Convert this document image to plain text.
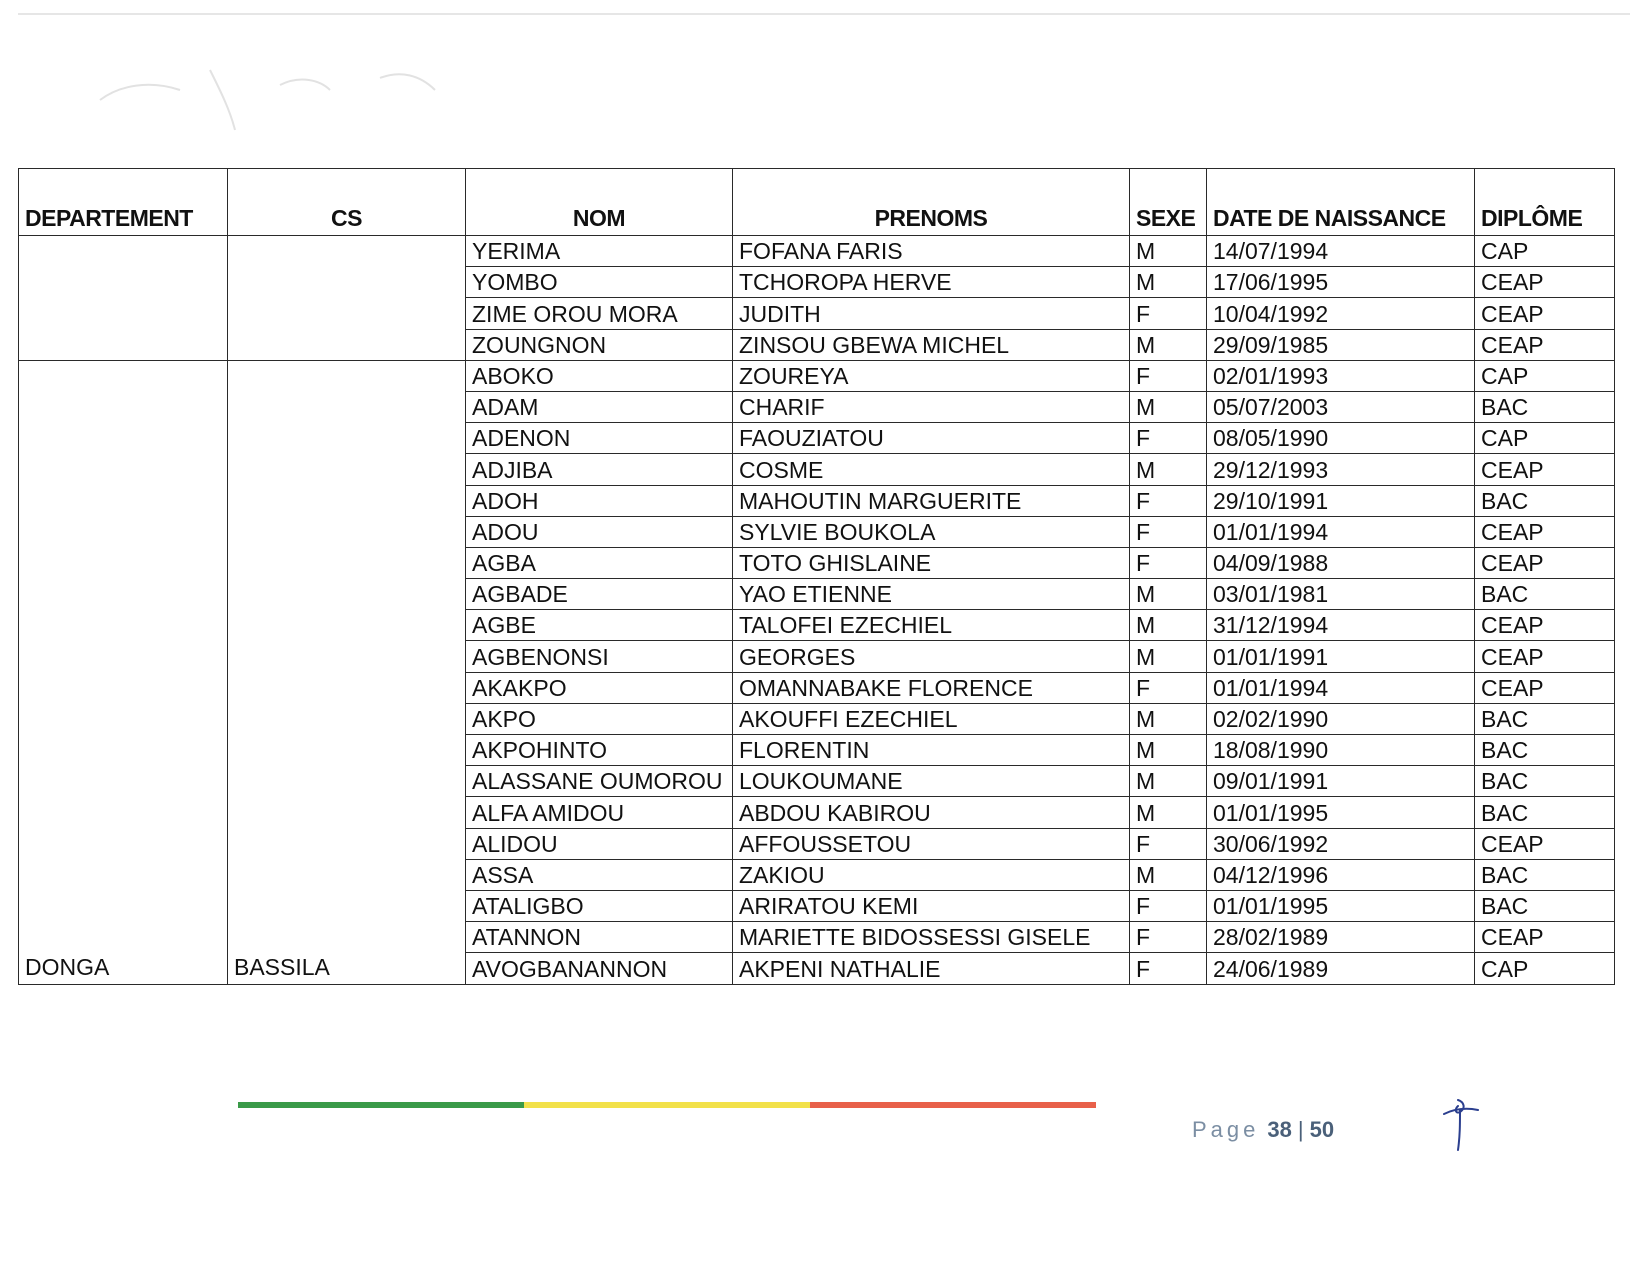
DEPARTEMENT	CS	NOM	PRENOMS	SEXE	DATE DE NAISSANCE	DIPLÔME
		YERIMA	FOFANA FARIS	M	14/07/1994	CAP
		YOMBO	TCHOROPA HERVE	M	17/06/1995	CEAP
		ZIME OROU MORA	JUDITH	F	10/04/1992	CEAP
		ZOUNGNON	ZINSOU GBEWA MICHEL	M	29/09/1985	CEAP
DONGA	BASSILA	ABOKO	ZOUREYA	F	02/01/1993	CAP
		ADAM	CHARIF	M	05/07/2003	BAC
		ADENON	FAOUZIATOU	F	08/05/1990	CAP
		ADJIBA	COSME	M	29/12/1993	CEAP
		ADOH	MAHOUTIN MARGUERITE	F	29/10/1991	BAC
		ADOU	SYLVIE BOUKOLA	F	01/01/1994	CEAP
		AGBA	TOTO GHISLAINE	F	04/09/1988	CEAP
		AGBADE	YAO ETIENNE	M	03/01/1981	BAC
		AGBE	TALOFEI EZECHIEL	M	31/12/1994	CEAP
		AGBENONSI	GEORGES	M	01/01/1991	CEAP
		AKAKPO	OMANNABAKE FLORENCE	F	01/01/1994	CEAP
		AKPO	AKOUFFI EZECHIEL	M	02/02/1990	BAC
		AKPOHINTO	FLORENTIN	M	18/08/1990	BAC
		ALASSANE OUMOROU	LOUKOUMANE	M	09/01/1991	BAC
		ALFA AMIDOU	ABDOU KABIROU	M	01/01/1995	BAC
		ALIDOU	AFFOUSSETOU	F	30/06/1992	CEAP
		ASSA	ZAKIOU	M	04/12/1996	BAC
		ATALIGBO	ARIRATOU KEMI	F	01/01/1995	BAC
		ATANNON	MARIETTE BIDOSSESSI GISELE	F	28/02/1989	CEAP
		AVOGBANANNON	AKPENI NATHALIE	F	24/06/1989	CAP
Page 38 | 50
